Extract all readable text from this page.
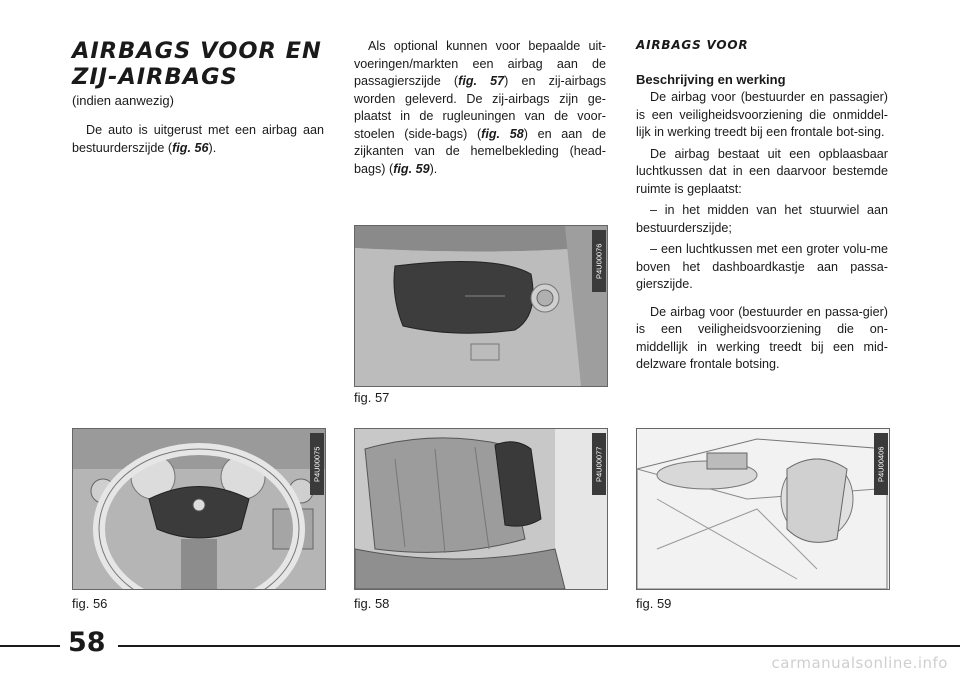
AIRBAGS VOOR EN
ZIJ-AIRBAGS
(indien aanwezig)

De auto is uitgerust met een airbag aan bestuurderszijde (fig. 56).

Als optional kunnen voor bepaalde uit-voeringen/markten een airbag aan de passagierszijde (fig. 57) en zij-airbags worden geleverd. De zij-airbags zijn ge-plaatst in de rugleuningen van de voor-stoelen (side-bags) (fig. 58) en aan de zijkanten van de hemelbekleding (head-bags) (fig. 59).

AIRBAGS VOOR
Beschrijving en werking

De airbag voor (bestuurder en passagier) is een veiligheidsvoorziening die onmiddel-lijk in werking treedt bij een frontale bot-sing.

De airbag bestaat uit een opblaasbaar luchtkussen dat in een daarvoor bestemde ruimte is geplaatst:

– in het midden van het stuurwiel aan bestuurderszijde;

– een luchtkussen met een groter volu-me boven het dashboardkastje aan passa-gierszijde.

De airbag voor (bestuurder en passa-gier) is een veiligheidsvoorziening die on-middellijk in werking treedt bij een mid-delzware frontale botsing.

P4U00075
fig. 56
P4U00076
fig. 57
P4U00077
fig. 58
P4U00406
fig. 59
58
carmanualsonline.info
